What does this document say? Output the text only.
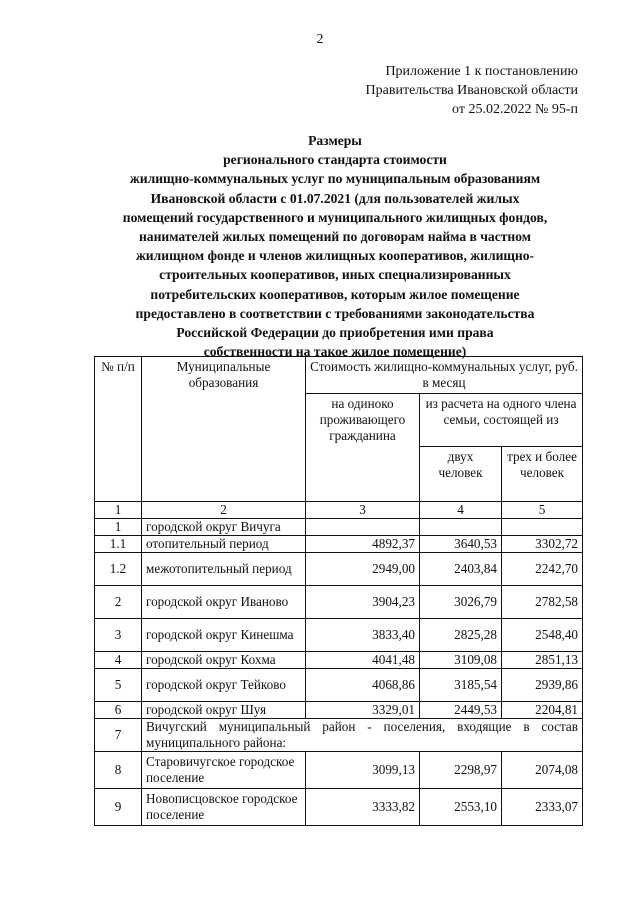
2
Приложение 1 к постановлению
Правительства Ивановской области
от 25.02.2022 № 95-п
Размеры
регионального стандарта стоимости
жилищно-коммунальных услуг по муниципальным образованиям
Ивановской области с 01.07.2021 (для пользователей жилых
помещений государственного и муниципального жилищных фондов,
нанимателей жилых помещений по договорам найма в частном
жилищном фонде и членов жилищных кооперативов, жилищно-
строительных кооперативов, иных специализированных
потребительских кооперативов, которым жилое помещение
предоставлено в соответствии с требованиями законодательства
Российской Федерации до приобретения ими права
собственности на такое жилое помещение)
№ п/п	Муниципальные образования	Стоимость жилищно-коммунальных услуг, руб. в месяц		
		на одиноко проживающего гражданина	из расчета на одного члена семьи, состоящей из	
			двух человек	трех и более человек
1	2	3	4	5
1	городской округ Вичуга			
1.1	отопительный период	4892,37	3640,53	3302,72
1.2	межотопительный период	2949,00	2403,84	2242,70
2	городской округ Иваново	3904,23	3026,79	2782,58
3	городской округ Кинешма	3833,40	2825,28	2548,40
4	городской округ Кохма	4041,48	3109,08	2851,13
5	городской округ Тейково	4068,86	3185,54	2939,86
6	городской округ Шуя	3329,01	2449,53	2204,81
7	Вичугский муниципальный район - поселения, входящие в состав муниципального района:			
8	Старовичугское городское поселение	3099,13	2298,97	2074,08
9	Новописцовское городское поселение	3333,82	2553,10	2333,07
